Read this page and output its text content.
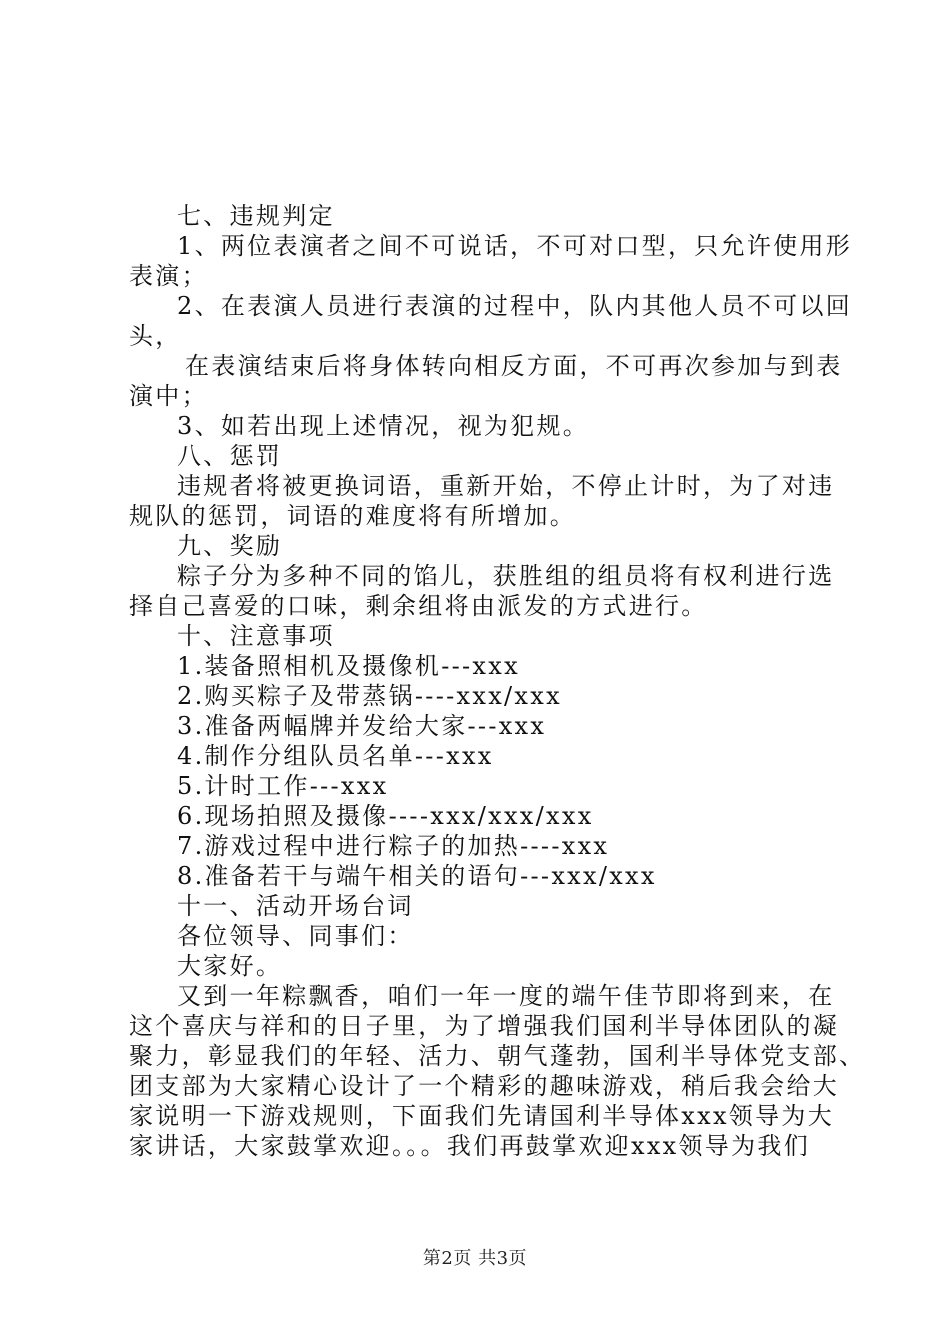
七、违规判定
1、两位表演者之间不可说话，不可对口型，只允许使用形
表演；
2、在表演人员进行表演的过程中，队内其他人员不可以回
头，
在表演结束后将身体转向相反方面，不可再次参加与到表
演中；
3、如若出现上述情况，视为犯规。
八、惩罚
违规者将被更换词语，重新开始，不停止计时，为了对违
规队的惩罚，词语的难度将有所增加。
九、奖励
粽子分为多种不同的馅儿，获胜组的组员将有权利进行选
择自己喜爱的口味，剩余组将由派发的方式进行。
十、注意事项
1.装备照相机及摄像机---xxx
2.购买粽子及带蒸锅----xxx/xxx
3.准备两幅牌并发给大家---xxx
4.制作分组队员名单---xxx
5.计时工作---xxx
6.现场拍照及摄像----xxx/xxx/xxx
7.游戏过程中进行粽子的加热----xxx
8.准备若干与端午相关的语句---xxx/xxx
十一、活动开场台词
各位领导、同事们：
大家好。
又到一年粽飘香，咱们一年一度的端午佳节即将到来，在
这个喜庆与祥和的日子里，为了增强我们国利半导体团队的凝
聚力，彰显我们的年轻、活力、朝气蓬勃，国利半导体党支部、
团支部为大家精心设计了一个精彩的趣味游戏，稍后我会给大
家说明一下游戏规则，下面我们先请国利半导体xxx领导为大
家讲话，大家鼓掌欢迎。。。我们再鼓掌欢迎xxx领导为我们
第2页 共3页
